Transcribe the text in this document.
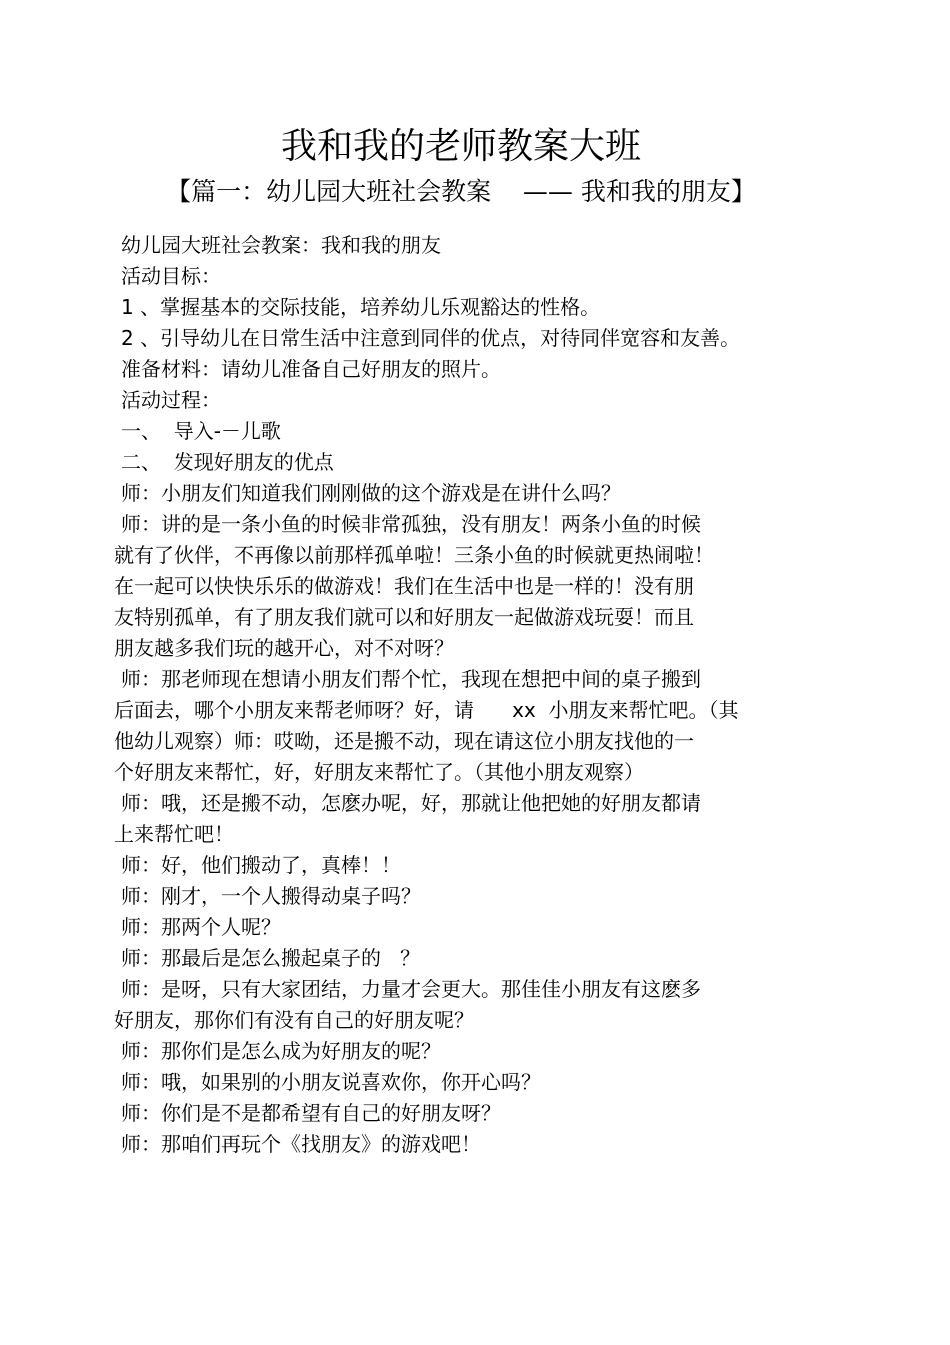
我和我的老师教案大班
【篇一：幼儿园大班社会教案    —— 我和我的朋友】
幼儿园大班社会教案：我和我的朋友
活动目标：
1 、掌握基本的交际技能，培养幼儿乐观豁达的性格。
2 、引导幼儿在日常生活中注意到同伴的优点，对待同伴宽容和友善。
准备材料：请幼儿准备自己好朋友的照片。
活动过程：
一、  导入-－儿歌
二、  发现好朋友的优点
师：小朋友们知道我们刚刚做的这个游戏是在讲什么吗？
师：讲的是一条小鱼的时候非常孤独，没有朋友！两条小鱼的时候
就有了伙伴，不再像以前那样孤单啦！三条小鱼的时候就更热闹啦！
在一起可以快快乐乐的做游戏！我们在生活中也是一样的！没有朋
友特别孤单，有了朋友我们就可以和好朋友一起做游戏玩耍！而且
朋友越多我们玩的越开心，对不对呀？
师：那老师现在想请小朋友们帮个忙，我现在想把中间的桌子搬到
后面去，哪个小朋友来帮老师呀？好，请      xx  小朋友来帮忙吧。（其
他幼儿观察）师：哎呦，还是搬不动，现在请这位小朋友找他的一
个好朋友来帮忙，好，好朋友来帮忙了。（其他小朋友观察）
师：哦，还是搬不动，怎麽办呢，好，那就让他把她的好朋友都请
上来帮忙吧！
师：好，他们搬动了，真棒！！
师：刚才，一个人搬得动桌子吗？
师：那两个人呢？
师：那最后是怎么搬起桌子的   ？
师：是呀，只有大家团结，力量才会更大。那佳佳小朋友有这麽多
好朋友，那你们有没有自己的好朋友呢？
师：那你们是怎么成为好朋友的呢？
师：哦，如果别的小朋友说喜欢你，你开心吗？
师：你们是不是都希望有自己的好朋友呀？
师：那咱们再玩个《找朋友》的游戏吧！
